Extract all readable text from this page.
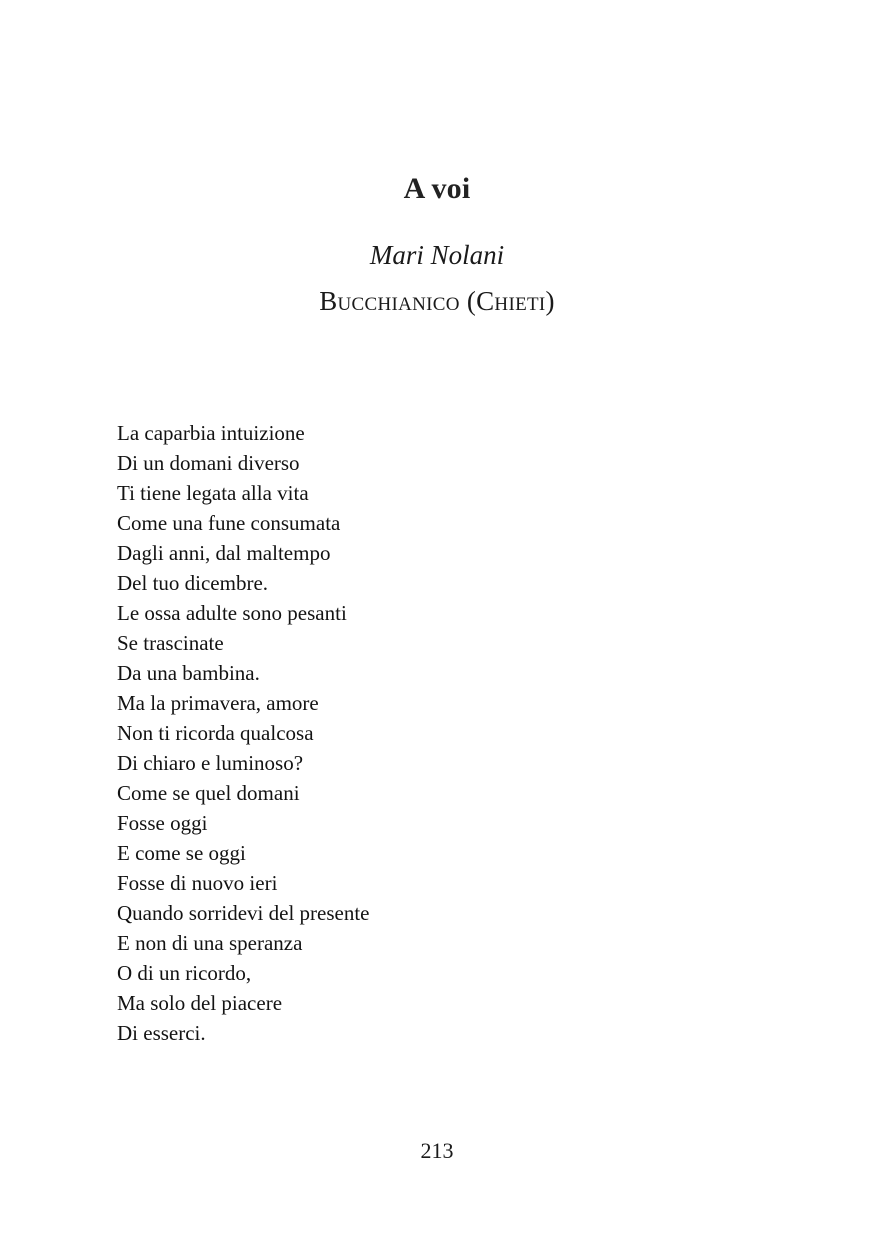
A voi
Mari Nolani
Bucchianico (Chieti)
La caparbia intuizione
Di un domani diverso
Ti tiene legata alla vita
Come una fune consumata
Dagli anni, dal maltempo
Del tuo dicembre.
Le ossa adulte sono pesanti
Se trascinate
Da una bambina.
Ma la primavera, amore
Non ti ricorda qualcosa
Di chiaro e luminoso?
Come se quel domani
Fosse oggi
E come se oggi
Fosse di nuovo ieri
Quando sorridevi del presente
E non di una speranza
O di un ricordo,
Ma solo del piacere
Di esserci.
213
